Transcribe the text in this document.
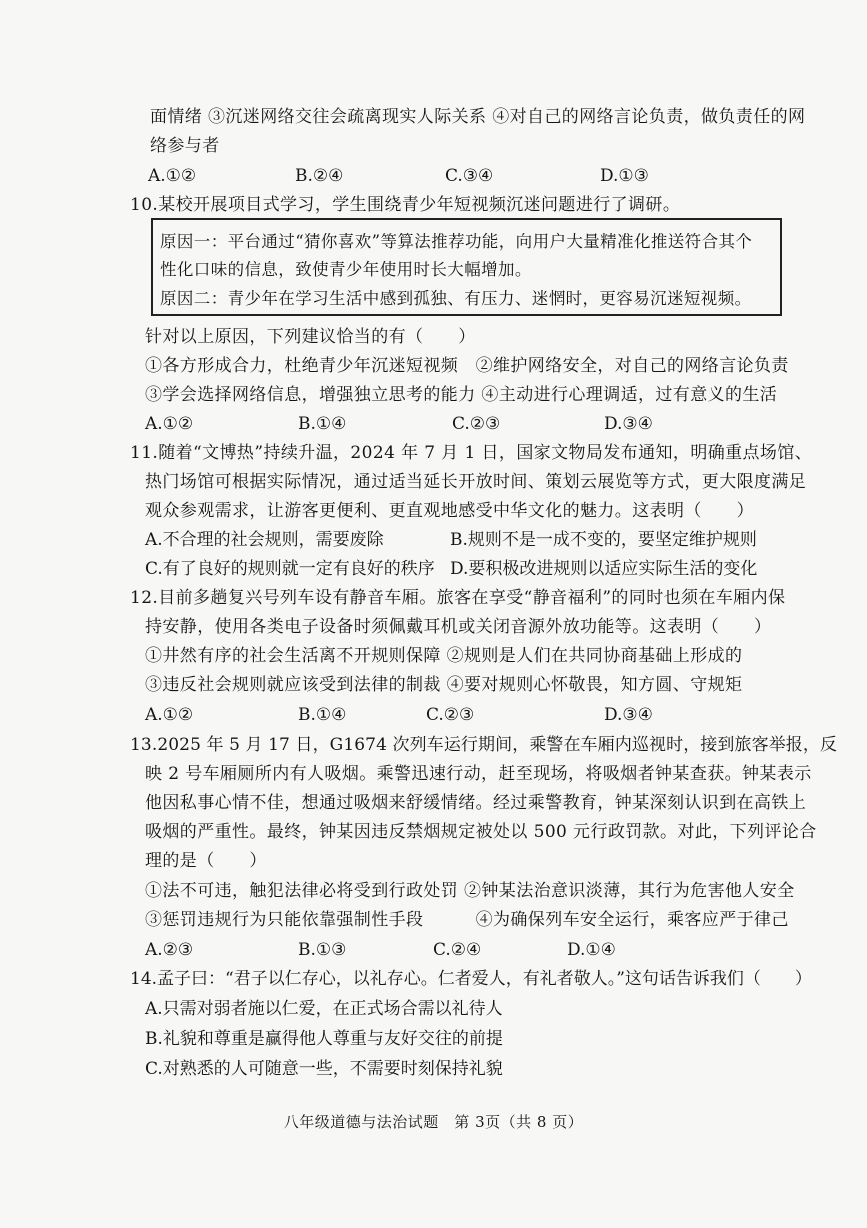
面情绪 ③沉迷网络交往会疏离现实人际关系 ④对自己的网络言论负责，做负责任的网
络参与者
A.①②	B.②④	C.③④	D.①③
10.某校开展项目式学习，学生围绕青少年短视频沉迷问题进行了调研。
原因一：平台通过“猜你喜欢”等算法推荐功能，向用户大量精准化推送符合其个
性化口味的信息，致使青少年使用时长大幅增加。
原因二：青少年在学习生活中感到孤独、有压力、迷惘时，更容易沉迷短视频。
针对以上原因，下列建议恰当的有（　　）
①各方形成合力，杜绝青少年沉迷短视频　②维护网络安全，对自己的网络言论负责
③学会选择网络信息，增强独立思考的能力 ④主动进行心理调适，过有意义的生活
A.①②	B.①④	C.②③	D.③④
11.随着“文博热”持续升温，2024 年 7 月 1 日，国家文物局发布通知，明确重点场馆、
热门场馆可根据实际情况，通过适当延长开放时间、策划云展览等方式，更大限度满足
观众参观需求，让游客更便利、更直观地感受中华文化的魅力。这表明（　　）
A.不合理的社会规则，需要废除	B.规则不是一成不变的，要坚定维护规则
C.有了良好的规则就一定有良好的秩序 D.要积极改进规则以适应实际生活的变化
12.目前多趟复兴号列车设有静音车厢。旅客在享受“静音福利”的同时也须在车厢内保
持安静，使用各类电子设备时须佩戴耳机或关闭音源外放功能等。这表明（　　）
①井然有序的社会生活离不开规则保障 ②规则是人们在共同协商基础上形成的
③违反社会规则就应该受到法律的制裁 ④要对规则心怀敬畏，知方圆、守规矩
A.①②	B.①④	C.②③	D.③④
13.2025 年 5 月 17 日，G1674 次列车运行期间，乘警在车厢内巡视时，接到旅客举报，反
映 2 号车厢厕所内有人吸烟。乘警迅速行动，赶至现场，将吸烟者钟某查获。钟某表示
他因私事心情不佳，想通过吸烟来舒缓情绪。经过乘警教育，钟某深刻认识到在高铁上
吸烟的严重性。最终，钟某因违反禁烟规定被处以 500 元行政罚款。对此，下列评论合
理的是（　　）
①法不可违，触犯法律必将受到行政处罚 ②钟某法治意识淡薄，其行为危害他人安全
③惩罚违规行为只能依靠强制性手段　　　④为确保列车安全运行，乘客应严于律己
A.②③	B.①③	C.②④	D.①④
14.孟子曰：“君子以仁存心，以礼存心。仁者爱人，有礼者敬人。”这句话告诉我们（　　）
A.只需对弱者施以仁爱，在正式场合需以礼待人
B.礼貌和尊重是赢得他人尊重与友好交往的前提
C.对熟悉的人可随意一些，不需要时刻保持礼貌
八年级道德与法治试题　第 3页（共 8 页）
